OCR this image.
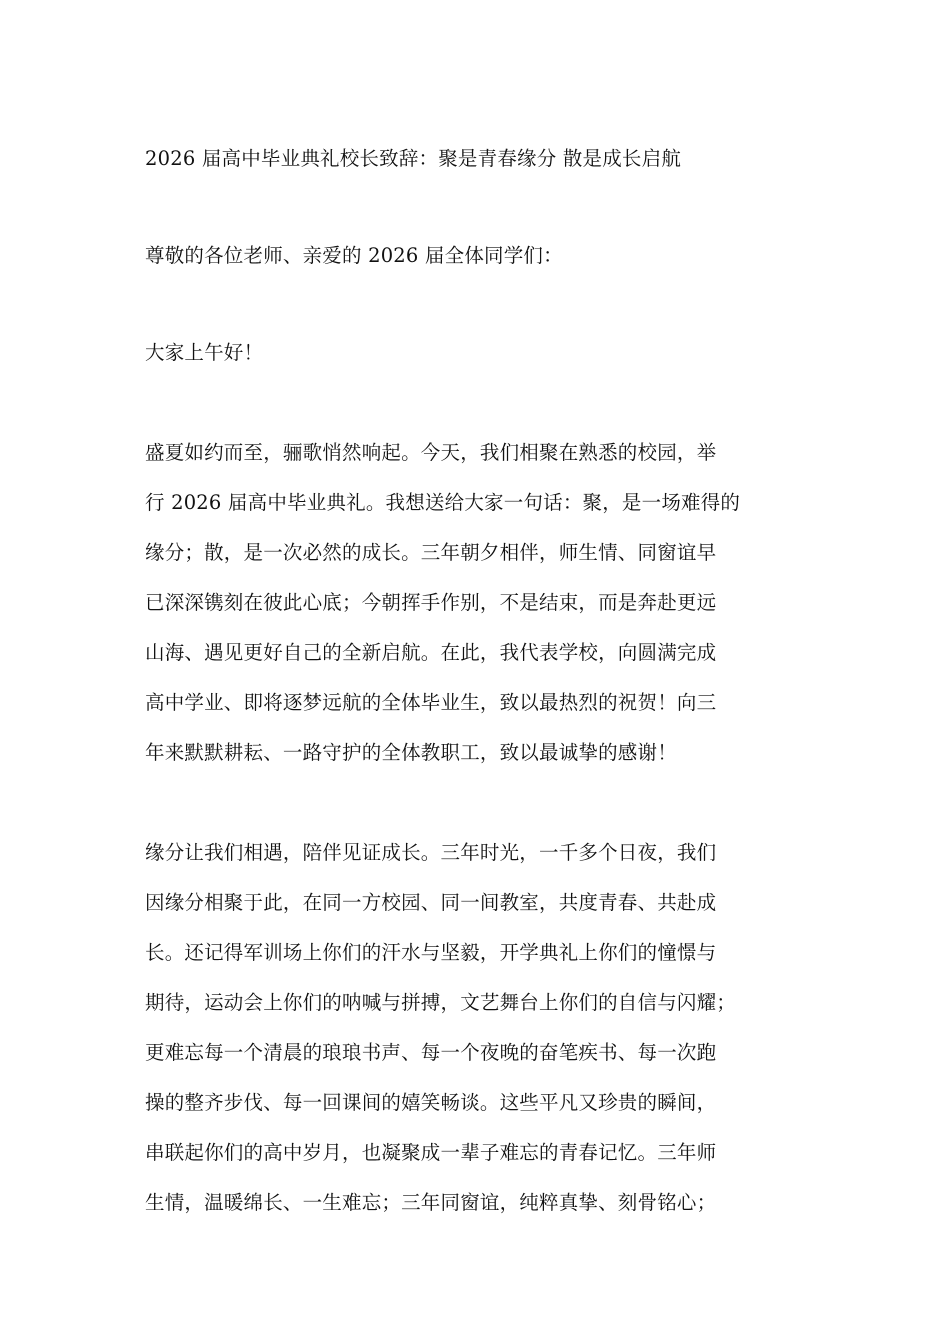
2026 届高中毕业典礼校长致辞：聚是青春缘分 散是成长启航
尊敬的各位老师、亲爱的 2026 届全体同学们：
大家上午好！
盛夏如约而至，骊歌悄然响起。今天，我们相聚在熟悉的校园，举
行 2026 届高中毕业典礼。我想送给大家一句话：聚，是一场难得的
缘分；散，是一次必然的成长。三年朝夕相伴，师生情、同窗谊早
已深深镌刻在彼此心底；今朝挥手作别，不是结束，而是奔赴更远
山海、遇见更好自己的全新启航。在此，我代表学校，向圆满完成
高中学业、即将逐梦远航的全体毕业生，致以最热烈的祝贺！向三
年来默默耕耘、一路守护的全体教职工，致以最诚挚的感谢！
缘分让我们相遇，陪伴见证成长。三年时光，一千多个日夜，我们
因缘分相聚于此，在同一方校园、同一间教室，共度青春、共赴成
长。还记得军训场上你们的汗水与坚毅，开学典礼上你们的憧憬与
期待，运动会上你们的呐喊与拼搏，文艺舞台上你们的自信与闪耀；
更难忘每一个清晨的琅琅书声、每一个夜晚的奋笔疾书、每一次跑
操的整齐步伐、每一回课间的嬉笑畅谈。这些平凡又珍贵的瞬间，
串联起你们的高中岁月，也凝聚成一辈子难忘的青春记忆。三年师
生情，温暖绵长、一生难忘；三年同窗谊，纯粹真挚、刻骨铭心；
